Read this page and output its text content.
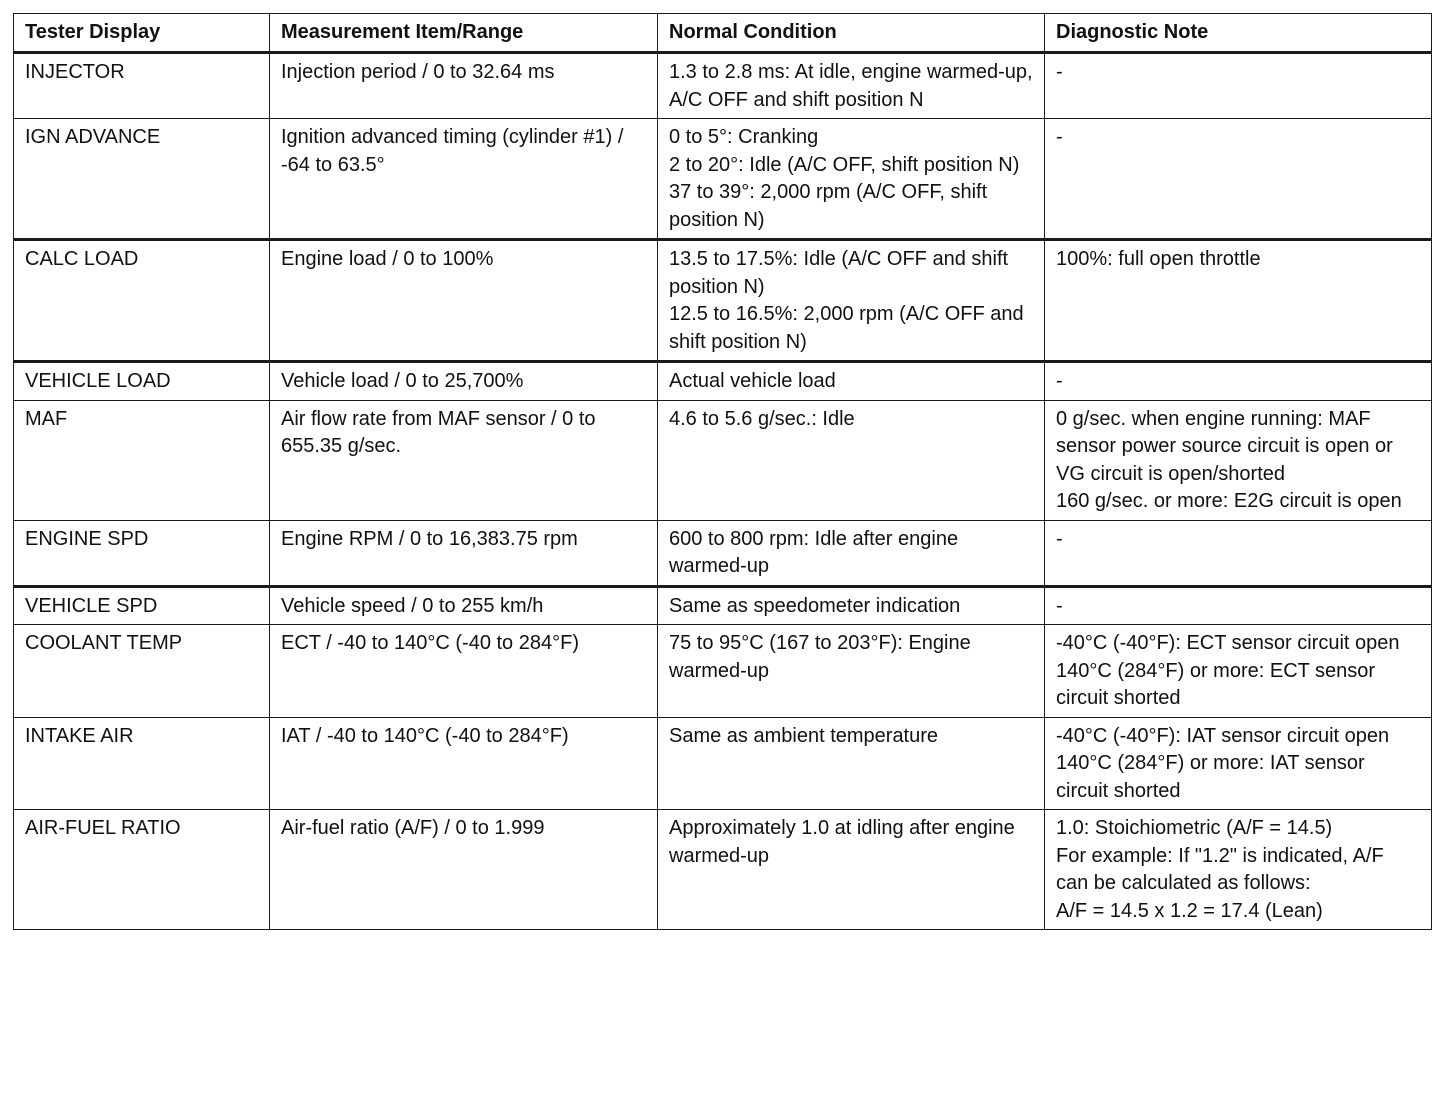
Tester Display	Measurement Item/Range	Normal Condition	Diagnostic Note
INJECTOR	Injection period / 0 to 32.64 ms	1.3 to 2.8 ms: At idle, engine warmed-up, A/C OFF and shift position N	-

IGN ADVANCE	Ignition advanced timing (cylinder #1) / -64 to 63.5°	0 to 5°: Cranking
2 to 20°: Idle (A/C OFF, shift position N)
37 to 39°: 2,000 rpm (A/C OFF, shift position N)	-

CALC LOAD	Engine load / 0 to 100%	13.5 to 17.5%: Idle (A/C OFF and shift position N)
12.5 to 16.5%: 2,000 rpm (A/C OFF and shift position N)	100%: full open throttle

VEHICLE LOAD	Vehicle load / 0 to 25,700%	Actual vehicle load	-

MAF	Air flow rate from MAF sensor / 0 to 655.35 g/sec.	4.6 to 5.6 g/sec.: Idle	0 g/sec. when engine running: MAF sensor power source circuit is open or VG circuit is open/shorted
160 g/sec. or more: E2G circuit is open

ENGINE SPD	Engine RPM / 0 to 16,383.75 rpm	600 to 800 rpm: Idle after engine warmed-up	-

VEHICLE SPD	Vehicle speed / 0 to 255 km/h	Same as speedometer indication	-

COOLANT TEMP	ECT / -40 to 140°C (-40 to 284°F)	75 to 95°C (167 to 203°F): Engine warmed-up	-40°C (-40°F): ECT sensor circuit open
140°C (284°F) or more: ECT sensor circuit shorted

INTAKE AIR	IAT / -40 to 140°C (-40 to 284°F)	Same as ambient temperature	-40°C (-40°F): IAT sensor circuit open
140°C (284°F) or more: IAT sensor circuit shorted

AIR-FUEL RATIO	Air-fuel ratio (A/F) / 0 to 1.999	Approximately 1.0 at idling after engine warmed-up	1.0: Stoichiometric (A/F = 14.5)
For example: If "1.2" is indicated, A/F can be calculated as follows:
A/F = 14.5 x 1.2 = 17.4 (Lean)
